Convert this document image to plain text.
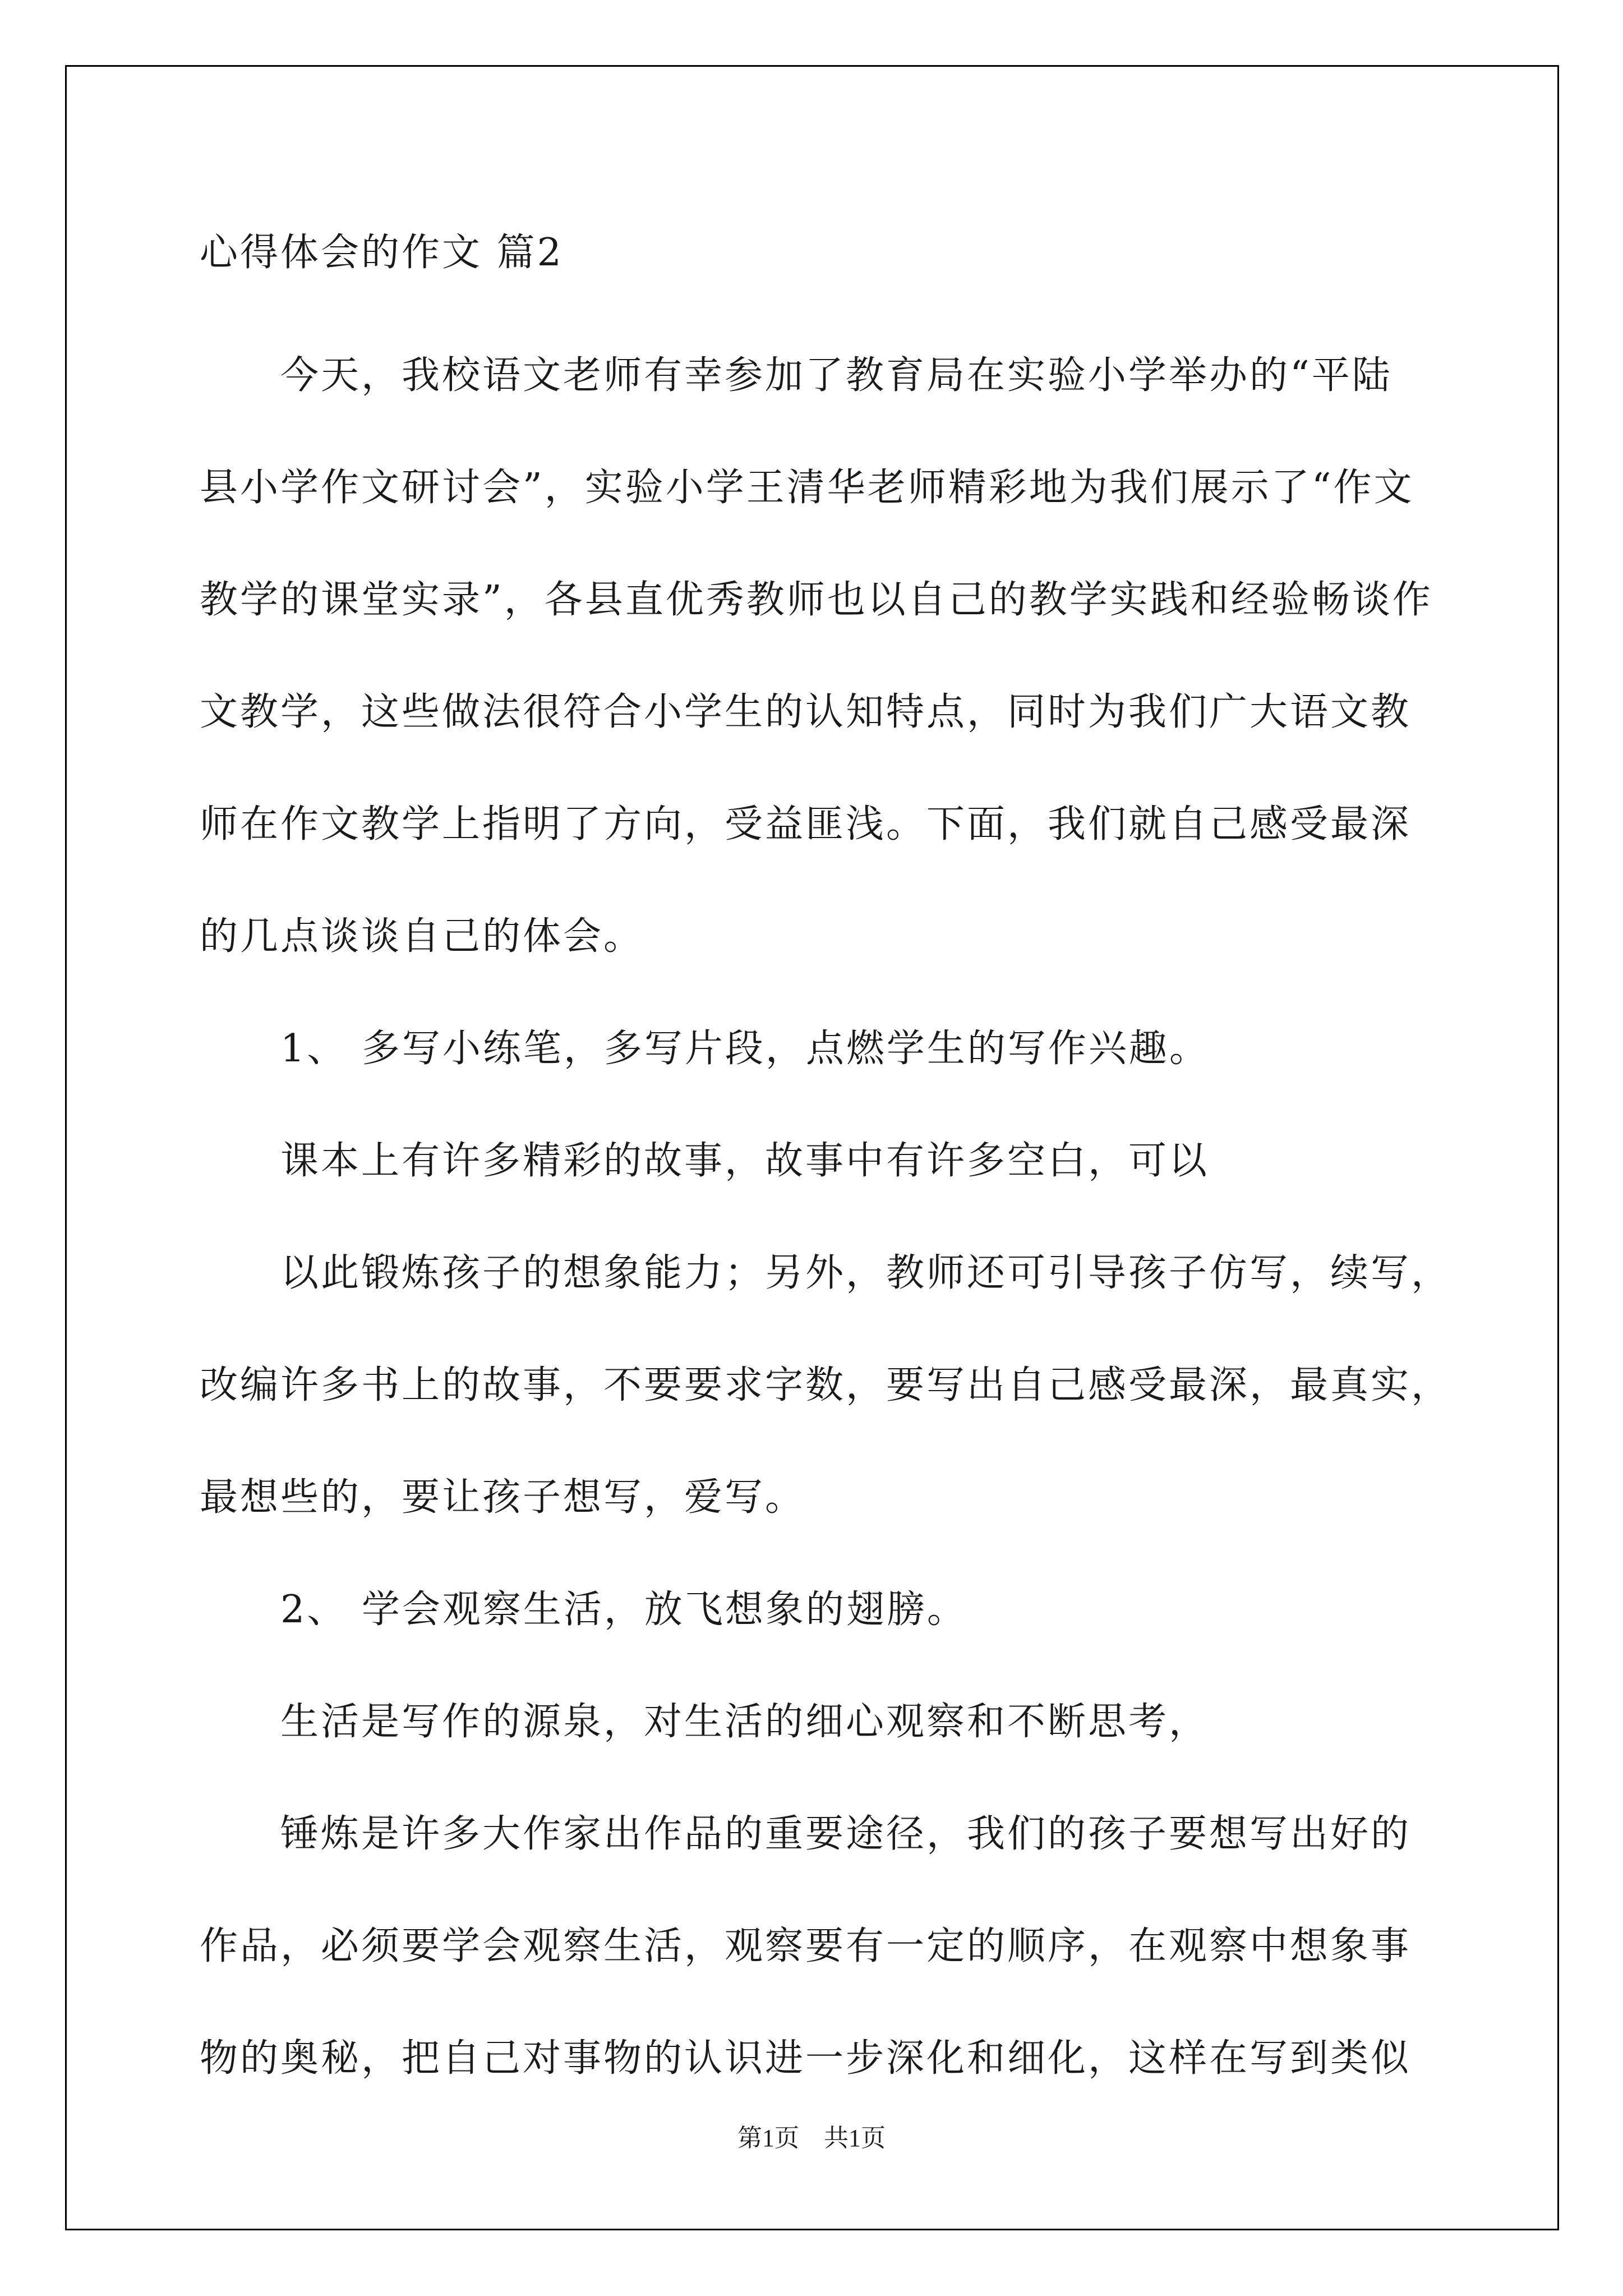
心得体会的作文 篇2
今天，我校语文老师有幸参加了教育局在实验小学举办的“平陆
县小学作文研讨会”，实验小学王清华老师精彩地为我们展示了“作文
教学的课堂实录”，各县直优秀教师也以自己的教学实践和经验畅谈作
文教学，这些做法很符合小学生的认知特点，同时为我们广大语文教
师在作文教学上指明了方向，受益匪浅。下面，我们就自己感受最深
的几点谈谈自己的体会。
1、 多写小练笔，多写片段，点燃学生的写作兴趣。
课本上有许多精彩的故事，故事中有许多空白，可以
以此锻炼孩子的想象能力；另外，教师还可引导孩子仿写，续写，
改编许多书上的故事，不要要求字数，要写出自己感受最深，最真实，
最想些的，要让孩子想写，爱写。
2、 学会观察生活，放飞想象的翅膀。
生活是写作的源泉，对生活的细心观察和不断思考，
锤炼是许多大作家出作品的重要途径，我们的孩子要想写出好的
作品，必须要学会观察生活，观察要有一定的顺序，在观察中想象事
物的奥秘，把自己对事物的认识进一步深化和细化，这样在写到类似
第1页　共1页
